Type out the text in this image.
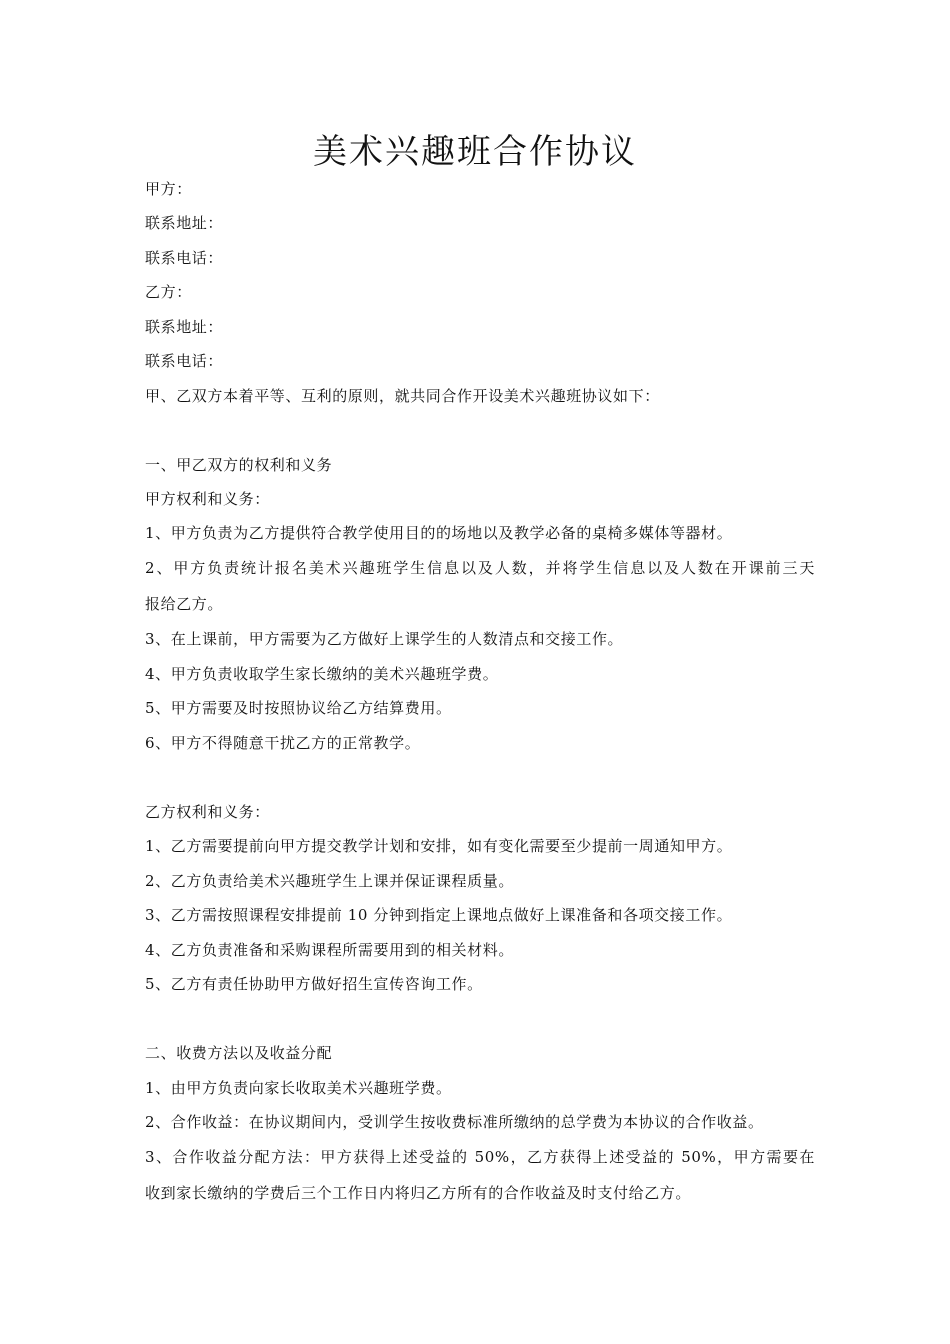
美术兴趣班合作协议
甲方：
联系地址：
联系电话：
乙方：
联系地址：
联系电话：
甲、乙双方本着平等、互利的原则，就共同合作开设美术兴趣班协议如下：
一、甲乙双方的权利和义务
甲方权利和义务：
1、甲方负责为乙方提供符合教学使用目的的场地以及教学必备的桌椅多媒体等器材。
2、甲方负责统计报名美术兴趣班学生信息以及人数，并将学生信息以及人数在开课前三天
报给乙方。
3、在上课前，甲方需要为乙方做好上课学生的人数清点和交接工作。
4、甲方负责收取学生家长缴纳的美术兴趣班学费。
5、甲方需要及时按照协议给乙方结算费用。
6、甲方不得随意干扰乙方的正常教学。
乙方权利和义务：
1、乙方需要提前向甲方提交教学计划和安排，如有变化需要至少提前一周通知甲方。
2、乙方负责给美术兴趣班学生上课并保证课程质量。
3、乙方需按照课程安排提前 10 分钟到指定上课地点做好上课准备和各项交接工作。
4、乙方负责准备和采购课程所需要用到的相关材料。
5、乙方有责任协助甲方做好招生宣传咨询工作。
二、收费方法以及收益分配
1、由甲方负责向家长收取美术兴趣班学费。
2、合作收益：在协议期间内，受训学生按收费标准所缴纳的总学费为本协议的合作收益。
3、合作收益分配方法：甲方获得上述受益的 50%，乙方获得上述受益的 50%，甲方需要在
收到家长缴纳的学费后三个工作日内将归乙方所有的合作收益及时支付给乙方。
